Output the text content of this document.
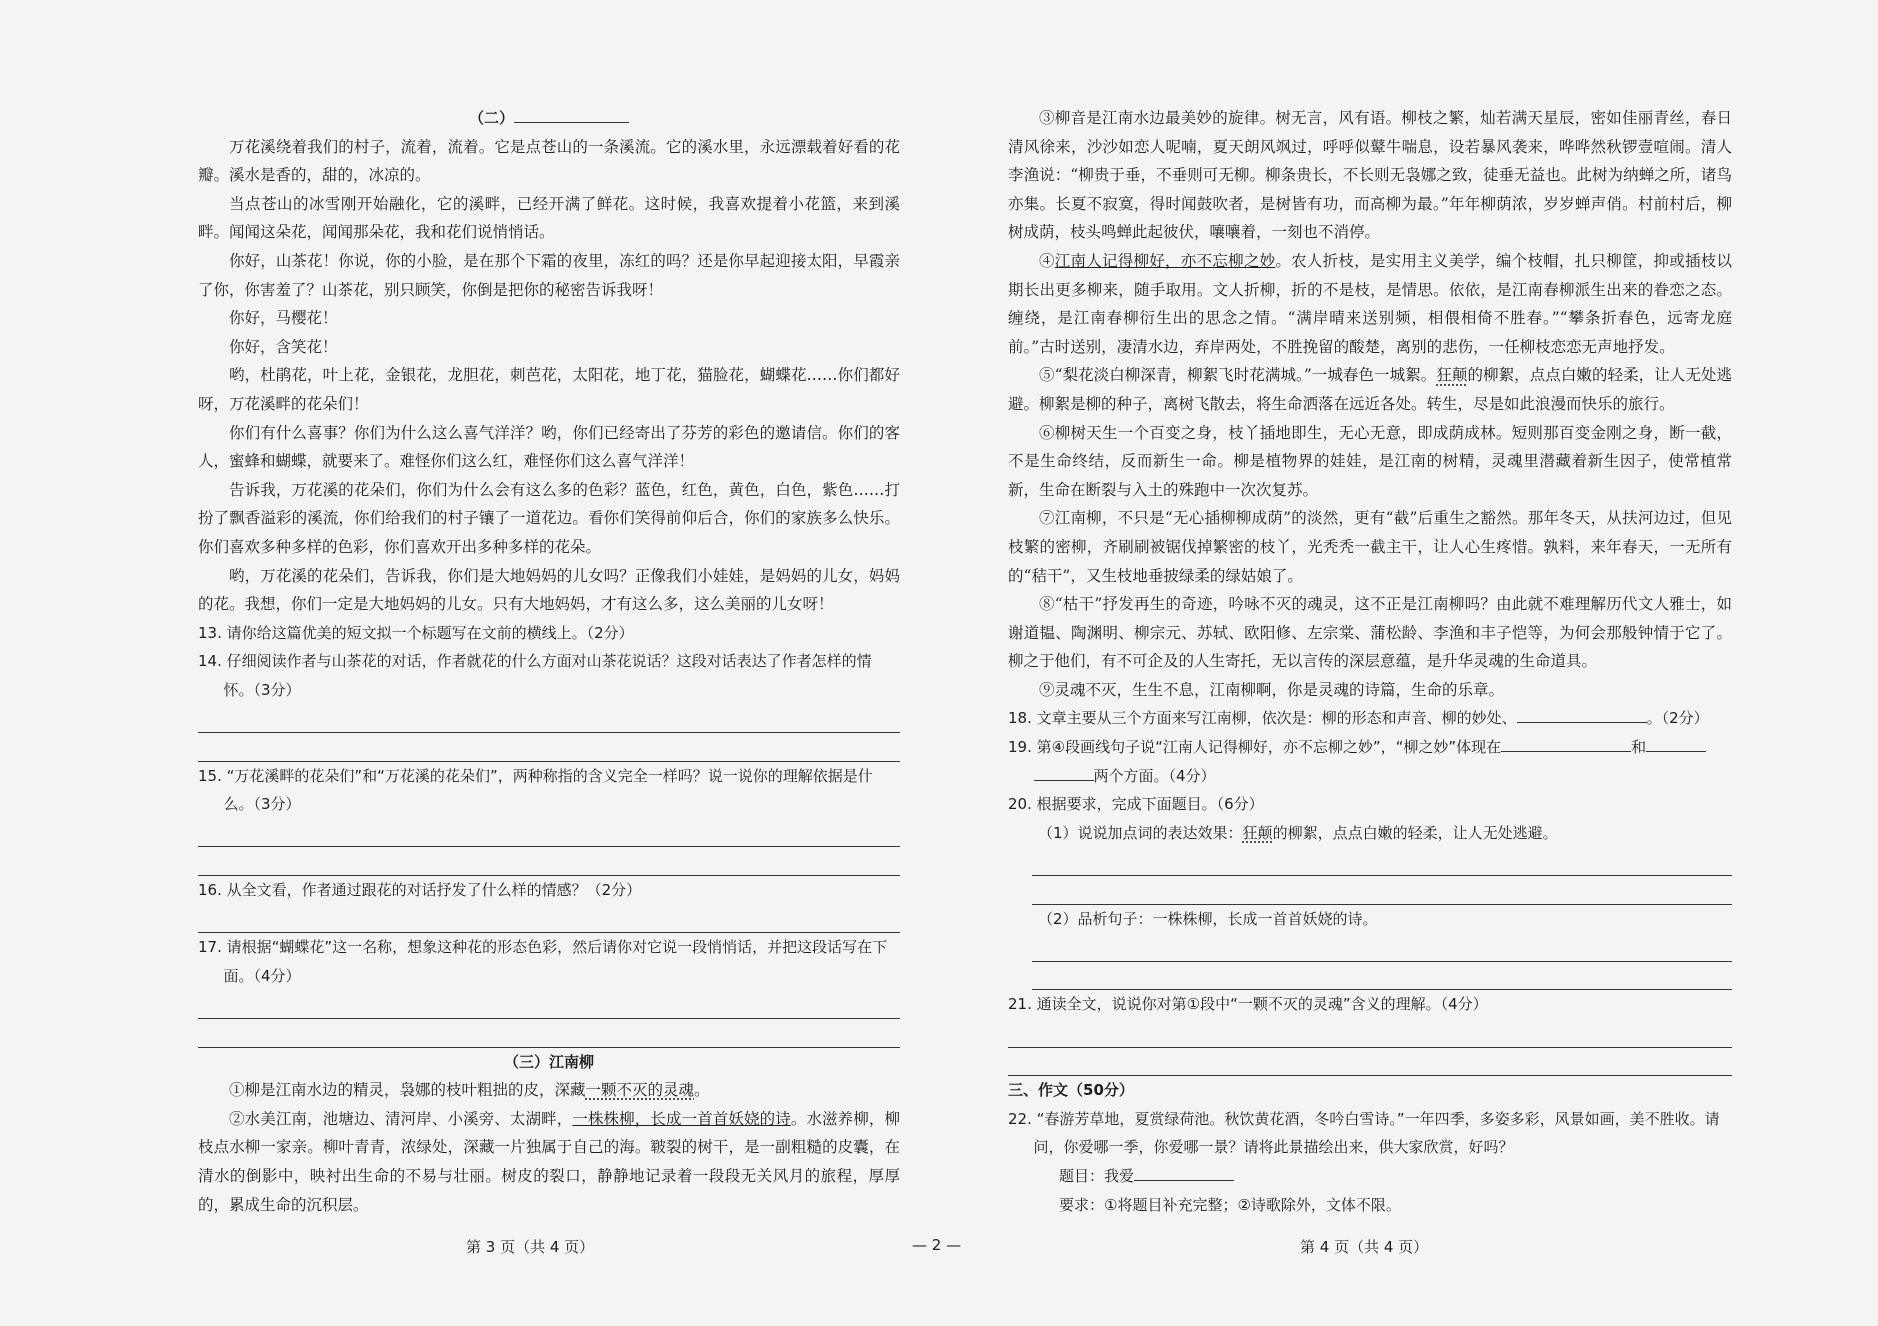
（二）

万花溪绕着我们的村子，流着，流着。它是点苍山的一条溪流。它的溪水里，永远漂载着好看的花瓣。溪水是香的，甜的，冰凉的。

当点苍山的冰雪刚开始融化，它的溪畔，已经开满了鲜花。这时候，我喜欢提着小花篮，来到溪畔。闻闻这朵花，闻闻那朵花，我和花们说悄悄话。

你好，山茶花！你说，你的小脸，是在那个下霜的夜里，冻红的吗？还是你早起迎接太阳，早霞亲了你，你害羞了？山茶花，别只顾笑，你倒是把你的秘密告诉我呀！

你好，马樱花！

你好，含笑花！

哟，杜鹃花，叶上花，金银花，龙胆花，刺芭花，太阳花，地丁花，猫脸花，蝴蝶花……你们都好呀，万花溪畔的花朵们！

你们有什么喜事？你们为什么这么喜气洋洋？哟，你们已经寄出了芬芳的彩色的邀请信。你们的客人，蜜蜂和蝴蝶，就要来了。难怪你们这么红，难怪你们这么喜气洋洋！

告诉我，万花溪的花朵们，你们为什么会有这么多的色彩？蓝色，红色，黄色，白色，紫色……打扮了飘香溢彩的溪流，你们给我们的村子镶了一道花边。看你们笑得前仰后合，你们的家族多么快乐。你们喜欢多种多样的色彩，你们喜欢开出多种多样的花朵。

哟，万花溪的花朵们，告诉我，你们是大地妈妈的儿女吗？正像我们小娃娃，是妈妈的儿女，妈妈的花。我想，你们一定是大地妈妈的儿女。只有大地妈妈，才有这么多，这么美丽的儿女呀！

13. 请你给这篇优美的短文拟一个标题写在文前的横线上。（2分）

14. 仔细阅读作者与山茶花的对话，作者就花的什么方面对山茶花说话？这段对话表达了作者怎样的情怀。（3分）

15. “万花溪畔的花朵们”和“万花溪的花朵们”，两种称指的含义完全一样吗？说一说你的理解依据是什么。（3分）

16. 从全文看，作者通过跟花的对话抒发了什么样的情感？（2分）

17. 请根据“蝴蝶花”这一名称，想象这种花的形态色彩，然后请你对它说一段悄悄话，并把这段话写在下面。（4分）

（三）江南柳

①柳是江南水边的精灵，袅娜的枝叶粗拙的皮，深藏一颗不灭的灵魂。

②水美江南，池塘边、清河岸、小溪旁、太湖畔，一株株柳，长成一首首妖娆的诗。水滋养柳，柳枝点水柳一家亲。柳叶青青，浓绿处，深藏一片独属于自己的海。皲裂的树干，是一副粗糙的皮囊，在清水的倒影中，映衬出生命的不易与壮丽。树皮的裂口，静静地记录着一段段无关风月的旅程，厚厚的，累成生命的沉积层。

③柳音是江南水边最美妙的旋律。树无言，风有语。柳枝之繁，灿若满天星辰，密如佳丽青丝，春日清风徐来，沙沙如恋人呢喃，夏天朗风飒过，呼呼似鼙牛喘息，设若暴风袭来，哗哗然秋锣壹喧闹。清人李渔说：“柳贵于垂，不垂则可无柳。柳条贵长，不长则无袅娜之致，徒垂无益也。此树为纳蝉之所，诸鸟亦集。长夏不寂寞，得时闻鼓吹者，是树皆有功，而高柳为最。”年年柳荫浓，岁岁蝉声俏。村前村后，柳树成荫，枝头鸣蝉此起彼伏，嚷嚷着，一刻也不消停。

④江南人记得柳好，亦不忘柳之妙。农人折枝，是实用主义美学，编个枝帽，扎只柳筐，抑或插枝以期长出更多柳来，随手取用。文人折柳，折的不是枝，是情思。依依，是江南春柳派生出来的眷恋之态。缠绕，是江南春柳衍生出的思念之情。“满岸晴来送别频，相偎相倚不胜春。”“攀条折春色，远寄龙庭前。”古时送别，凄清水边，弃岸两处，不胜挽留的酸楚，离别的悲伤，一任柳枝恋恋无声地抒发。

⑤“梨花淡白柳深青，柳絮飞时花满城。”一城春色一城絮。狂颠的柳絮，点点白嫩的轻柔，让人无处逃避。柳絮是柳的种子，离树飞散去，将生命洒落在远近各处。转生，尽是如此浪漫而快乐的旅行。

⑥柳树天生一个百变之身，枝丫插地即生，无心无意，即成荫成林。短则那百变金刚之身，断一截，不是生命终结，反而新生一命。柳是植物界的娃娃，是江南的树精，灵魂里潜藏着新生因子，使常植常新，生命在断裂与入土的殊跑中一次次复苏。

⑦江南柳，不只是“无心插柳柳成荫”的淡然，更有“截”后重生之豁然。那年冬天，从扶河边过，但见枝繁的密柳，齐刷刷被锯伐掉繁密的枝丫，光秃秃一截主干，让人心生疼惜。孰料，来年春天，一无所有的“秸干”，又生枝地垂披绿柔的绿姑娘了。

⑧“枯干”抒发再生的奇迹，吟咏不灭的魂灵，这不正是江南柳吗？由此就不难理解历代文人雅士，如谢道韫、陶渊明、柳宗元、苏轼、欧阳修、左宗棠、蒲松龄、李渔和丰子恺等，为何会那般钟情于它了。柳之于他们，有不可企及的人生寄托，无以言传的深层意蕴，是升华灵魂的生命道具。

⑨灵魂不灭，生生不息，江南柳啊，你是灵魂的诗篇，生命的乐章。

18. 文章主要从三个方面来写江南柳，依次是：柳的形态和声音、柳的妙处、	。（2分）

19. 第④段画线句子说“江南人记得柳好，亦不忘柳之妙”，“柳之妙”体现在	和
两个方面。（4分）

20. 根据要求，完成下面题目。（6分）

（1）说说加点词的表达效果：狂颠的柳絮，点点白嫩的轻柔，让人无处逃避。

（2）品析句子：一株株柳，长成一首首妖娆的诗。

21. 通读全文，说说你对第①段中“一颗不灭的灵魂”含义的理解。（4分）

三、作文（50分）

22. “春游芳草地，夏赏绿荷池。秋饮黄花酒，冬吟白雪诗。”一年四季，多姿多彩，风景如画，美不胜收。请问，你爱哪一季，你爱哪一景？请将此景描绘出来，供大家欣赏，好吗？

题目：我爱

要求：①将题目补充完整；②诗歌除外，文体不限。

第 3 页（共 4 页）	— 2 —	第 4 页（共 4 页）
